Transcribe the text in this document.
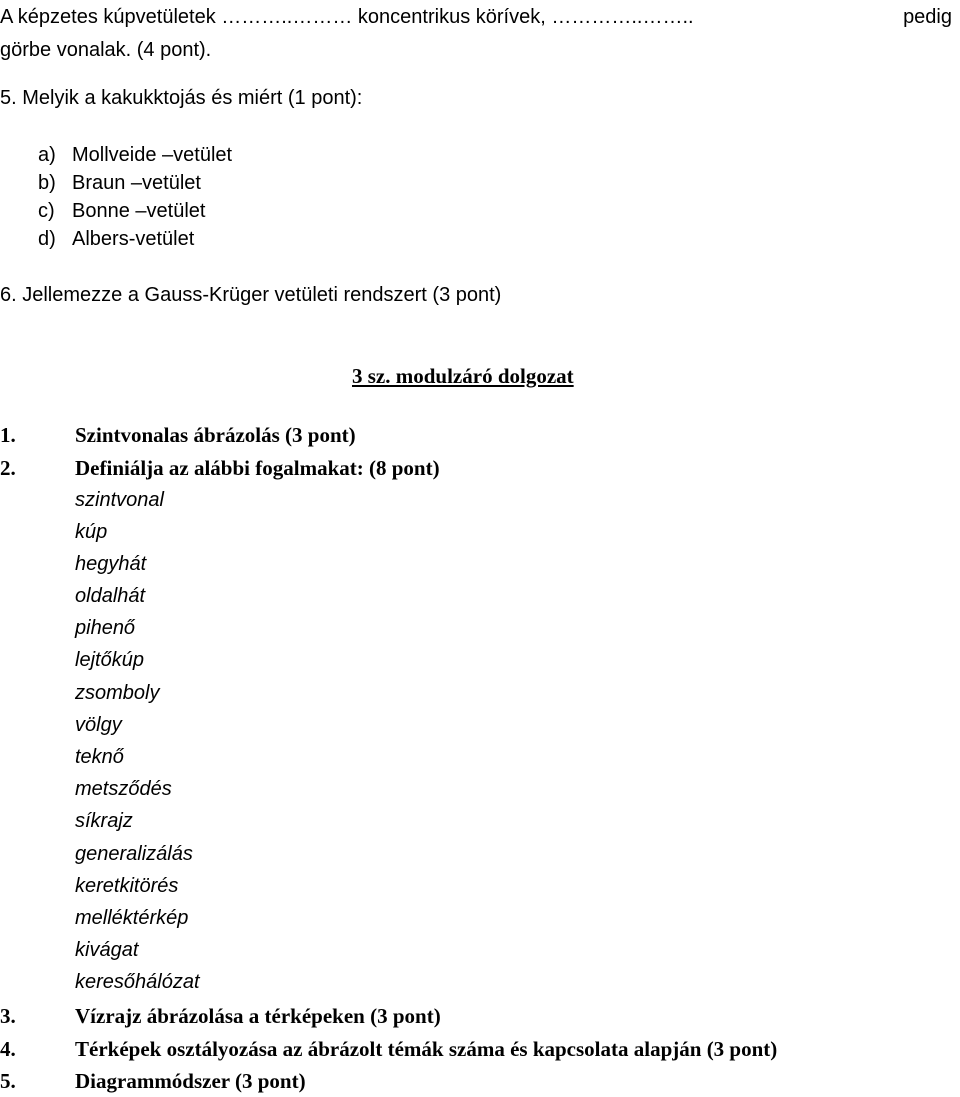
pedig
A képzetes kúpvetületek ………..……… koncentrikus körívek, …………..……..
görbe vonalak. (4 pont).
5. Melyik a kakukktojás és miért (1 pont):
a) Mollveide –vetület
b) Braun –vetület
c) Bonne –vetület
d) Albers-vetület
6. Jellemezze a Gauss-Krüger vetületi rendszert (3 pont)
3 sz. modulzáró dolgozat
1.	Szintvonalas ábrázolás (3 pont)
2.	Definiálja az alábbi fogalmakat: (8 pont)
szintvonal
kúp
hegyhát
oldalhát
pihenő
lejtőkúp
zsomboly
völgy
teknő
metsződés
síkrajz
generalizálás
keretkitörés
melléktérkép
kivágat
keresőhálózat
3.	Vízrajz ábrázolása a térképeken (3 pont)
4.	Térképek osztályozása az ábrázolt témák száma és kapcsolata alapján (3 pont)
5.	Diagrammódszer (3 pont)
